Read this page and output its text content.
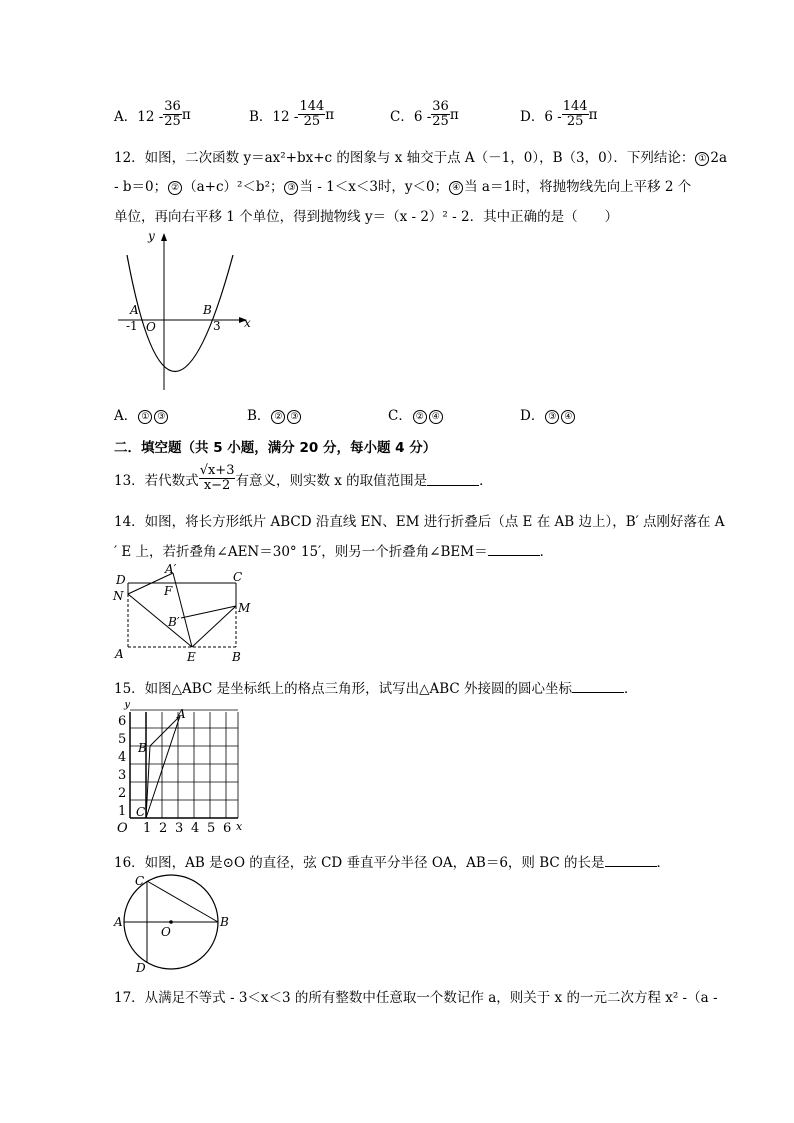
A．$12 - \frac{36}{25}$ π	B．$12 - \frac{144}{25}$ π	C．$6 - \frac{36}{25}$ π	D．$6 - \frac{144}{25}$ π
12．如图，二次函数 y＝ax²+bx+c 的图象与 x 轴交于点 A（－1，0），B（3，0）．下列结论： ① 2a
- b＝0； ② （a+c）²＜b²； ③ 当 - 1＜x＜3时，y＜0； ④ 当 a＝1时，将抛物线先向上平移 2 个
单位，再向右平移 1 个单位，得到抛物线 y＝（x - 2）² - 2．其中正确的是（　　）
y
x
A	B
-1 O	3
A． ① ③	B． ② ③	C． ② ④	D． ③ ④
二．填空题（共 5 小题，满分 20 分，每小题 4 分）
13．若代数式 $\frac{√x+3}{x-2}$ 有意义，则实数 x 的取值范围是	．
14．如图，将长方形纸片 ABCD 沿直线 EN、EM 进行折叠后（点 E 在 AB 边上），B′ 点刚好落在 A
′ E 上，若折叠角∠AEN＝30° 15′，则另一个折叠角∠BEM＝	．
D
A′
C
N	F
M
B′
A	E	B
15．如图△ABC 是坐标纸上的格点三角形，试写出△ABC 外接圆的圆心坐标	．
y
x
O
A
B
C
1
2
3
4
5
6
1 2 3 4 5 6
16．如图，AB 是⊙O 的直径，弦 CD 垂直平分半径 OA，AB＝6，则 BC 的长是	．
A	B
C
D
O
17．从满足不等式 - 3＜x＜3 的所有整数中任意取一个数记作 a，则关于 x 的一元二次方程 x² -（a -
